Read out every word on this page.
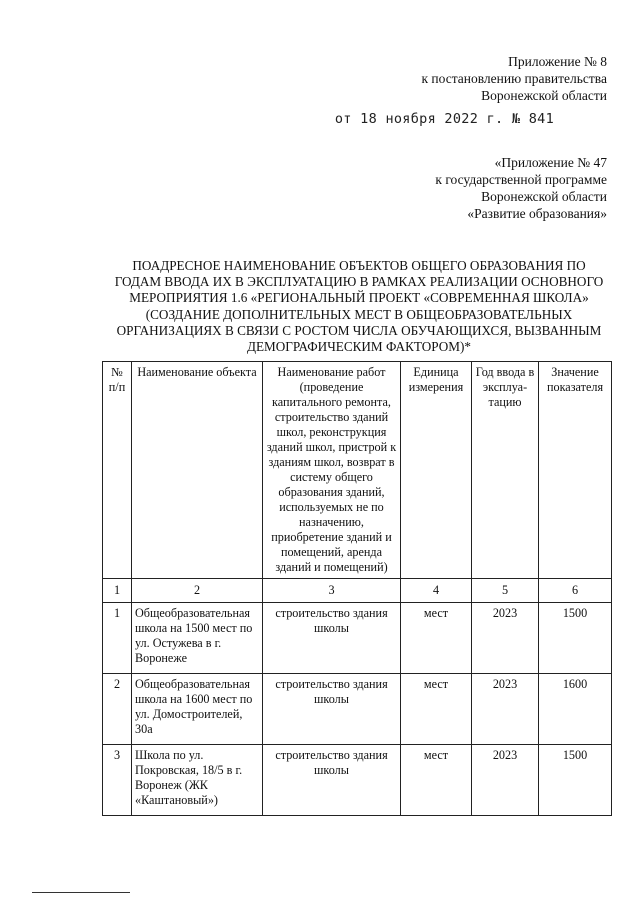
Приложение № 8
к постановлению правительства
Воронежской области
от 18 ноября 2022 г. № 841
«Приложение № 47
к государственной программе
Воронежской области
«Развитие образования»
ПОАДРЕСНОЕ НАИМЕНОВАНИЕ ОБЪЕКТОВ ОБЩЕГО ОБРАЗОВАНИЯ ПО ГОДАМ ВВОДА ИХ В ЭКСПЛУАТАЦИЮ В РАМКАХ РЕАЛИЗАЦИИ ОСНОВНОГО МЕРОПРИЯТИЯ 1.6 «РЕГИОНАЛЬНЫЙ ПРОЕКТ «СОВРЕМЕННАЯ ШКОЛА» (СОЗДАНИЕ ДОПОЛНИТЕЛЬНЫХ МЕСТ В ОБЩЕОБРАЗОВАТЕЛЬНЫХ ОРГАНИЗАЦИЯХ В СВЯЗИ С РОСТОМ ЧИСЛА ОБУЧАЮЩИХСЯ, ВЫЗВАННЫМ ДЕМОГРАФИЧЕСКИМ ФАКТОРОМ)*
№ п/п	Наименование объекта	Наименование работ (проведение капитального ремонта, строительство зданий школ, реконструкция зданий школ, пристрой к зданиям школ, возврат в систему общего образования зданий, используемых не по назначению, приобретение зданий и помещений, аренда зданий и помещений)	Единица измерения	Год ввода в эксплуа-тацию	Значение показателя
1	2	3	4	5	6
1	Общеобразовательная школа на 1500 мест по ул. Остужева в г. Воронеже	строительство здания школы	мест	2023	1500
2	Общеобразовательная школа на 1600 мест по ул. Домостроителей, 30а	строительство здания школы	мест	2023	1600
3	Школа по ул. Покровская, 18/5 в г. Воронеж (ЖК «Каштановый»)	строительство здания школы	мест	2023	1500
